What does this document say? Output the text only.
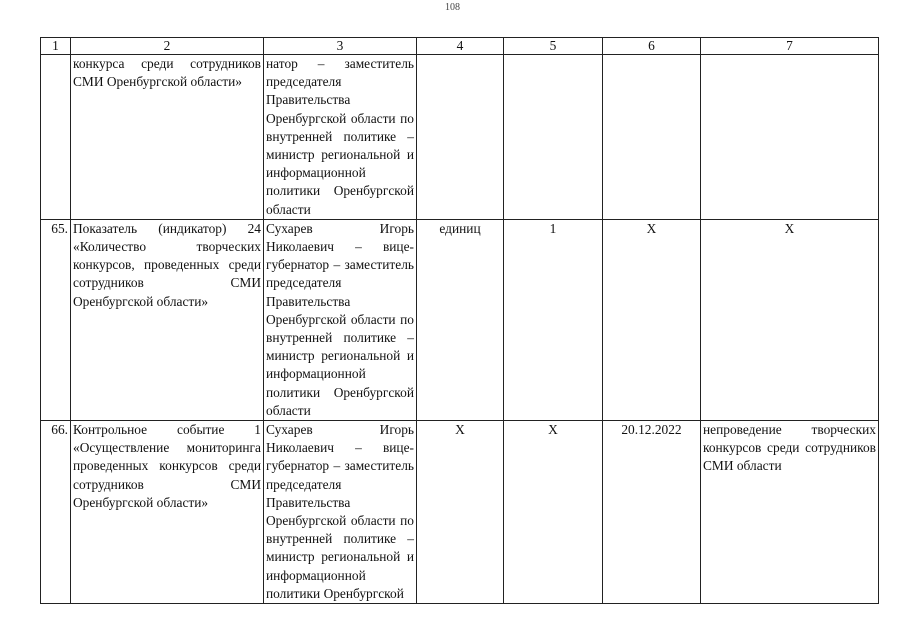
108
1	2	3	4	5	6	7
	конкурса среди сотрудников СМИ Оренбургской области»	натор – заместитель председателя Правительства Оренбургской области по внутренней политике – министр региональной и информационной политики Оренбургской области				
65.	Показатель (индикатор) 24 «Количество творческих конкурсов, проведенных среди сотрудников СМИ Оренбургской области»	Сухарев Игорь Николаевич – вице-губернатор – заместитель председателя Правительства Оренбургской области по внутренней политике – министр региональной и информационной политики Оренбургской области	единиц	1	Х	Х
66.	Контрольное событие 1 «Осуществление мониторинга проведенных конкурсов среди сотрудников СМИ Оренбургской области»	Сухарев Игорь Николаевич – вице-губернатор – заместитель председателя Правительства Оренбургской области по внутренней политике – министр региональной и информационной политики Оренбургской	Х	Х	20.12.2022	непроведение творческих конкурсов среди сотрудников СМИ области
